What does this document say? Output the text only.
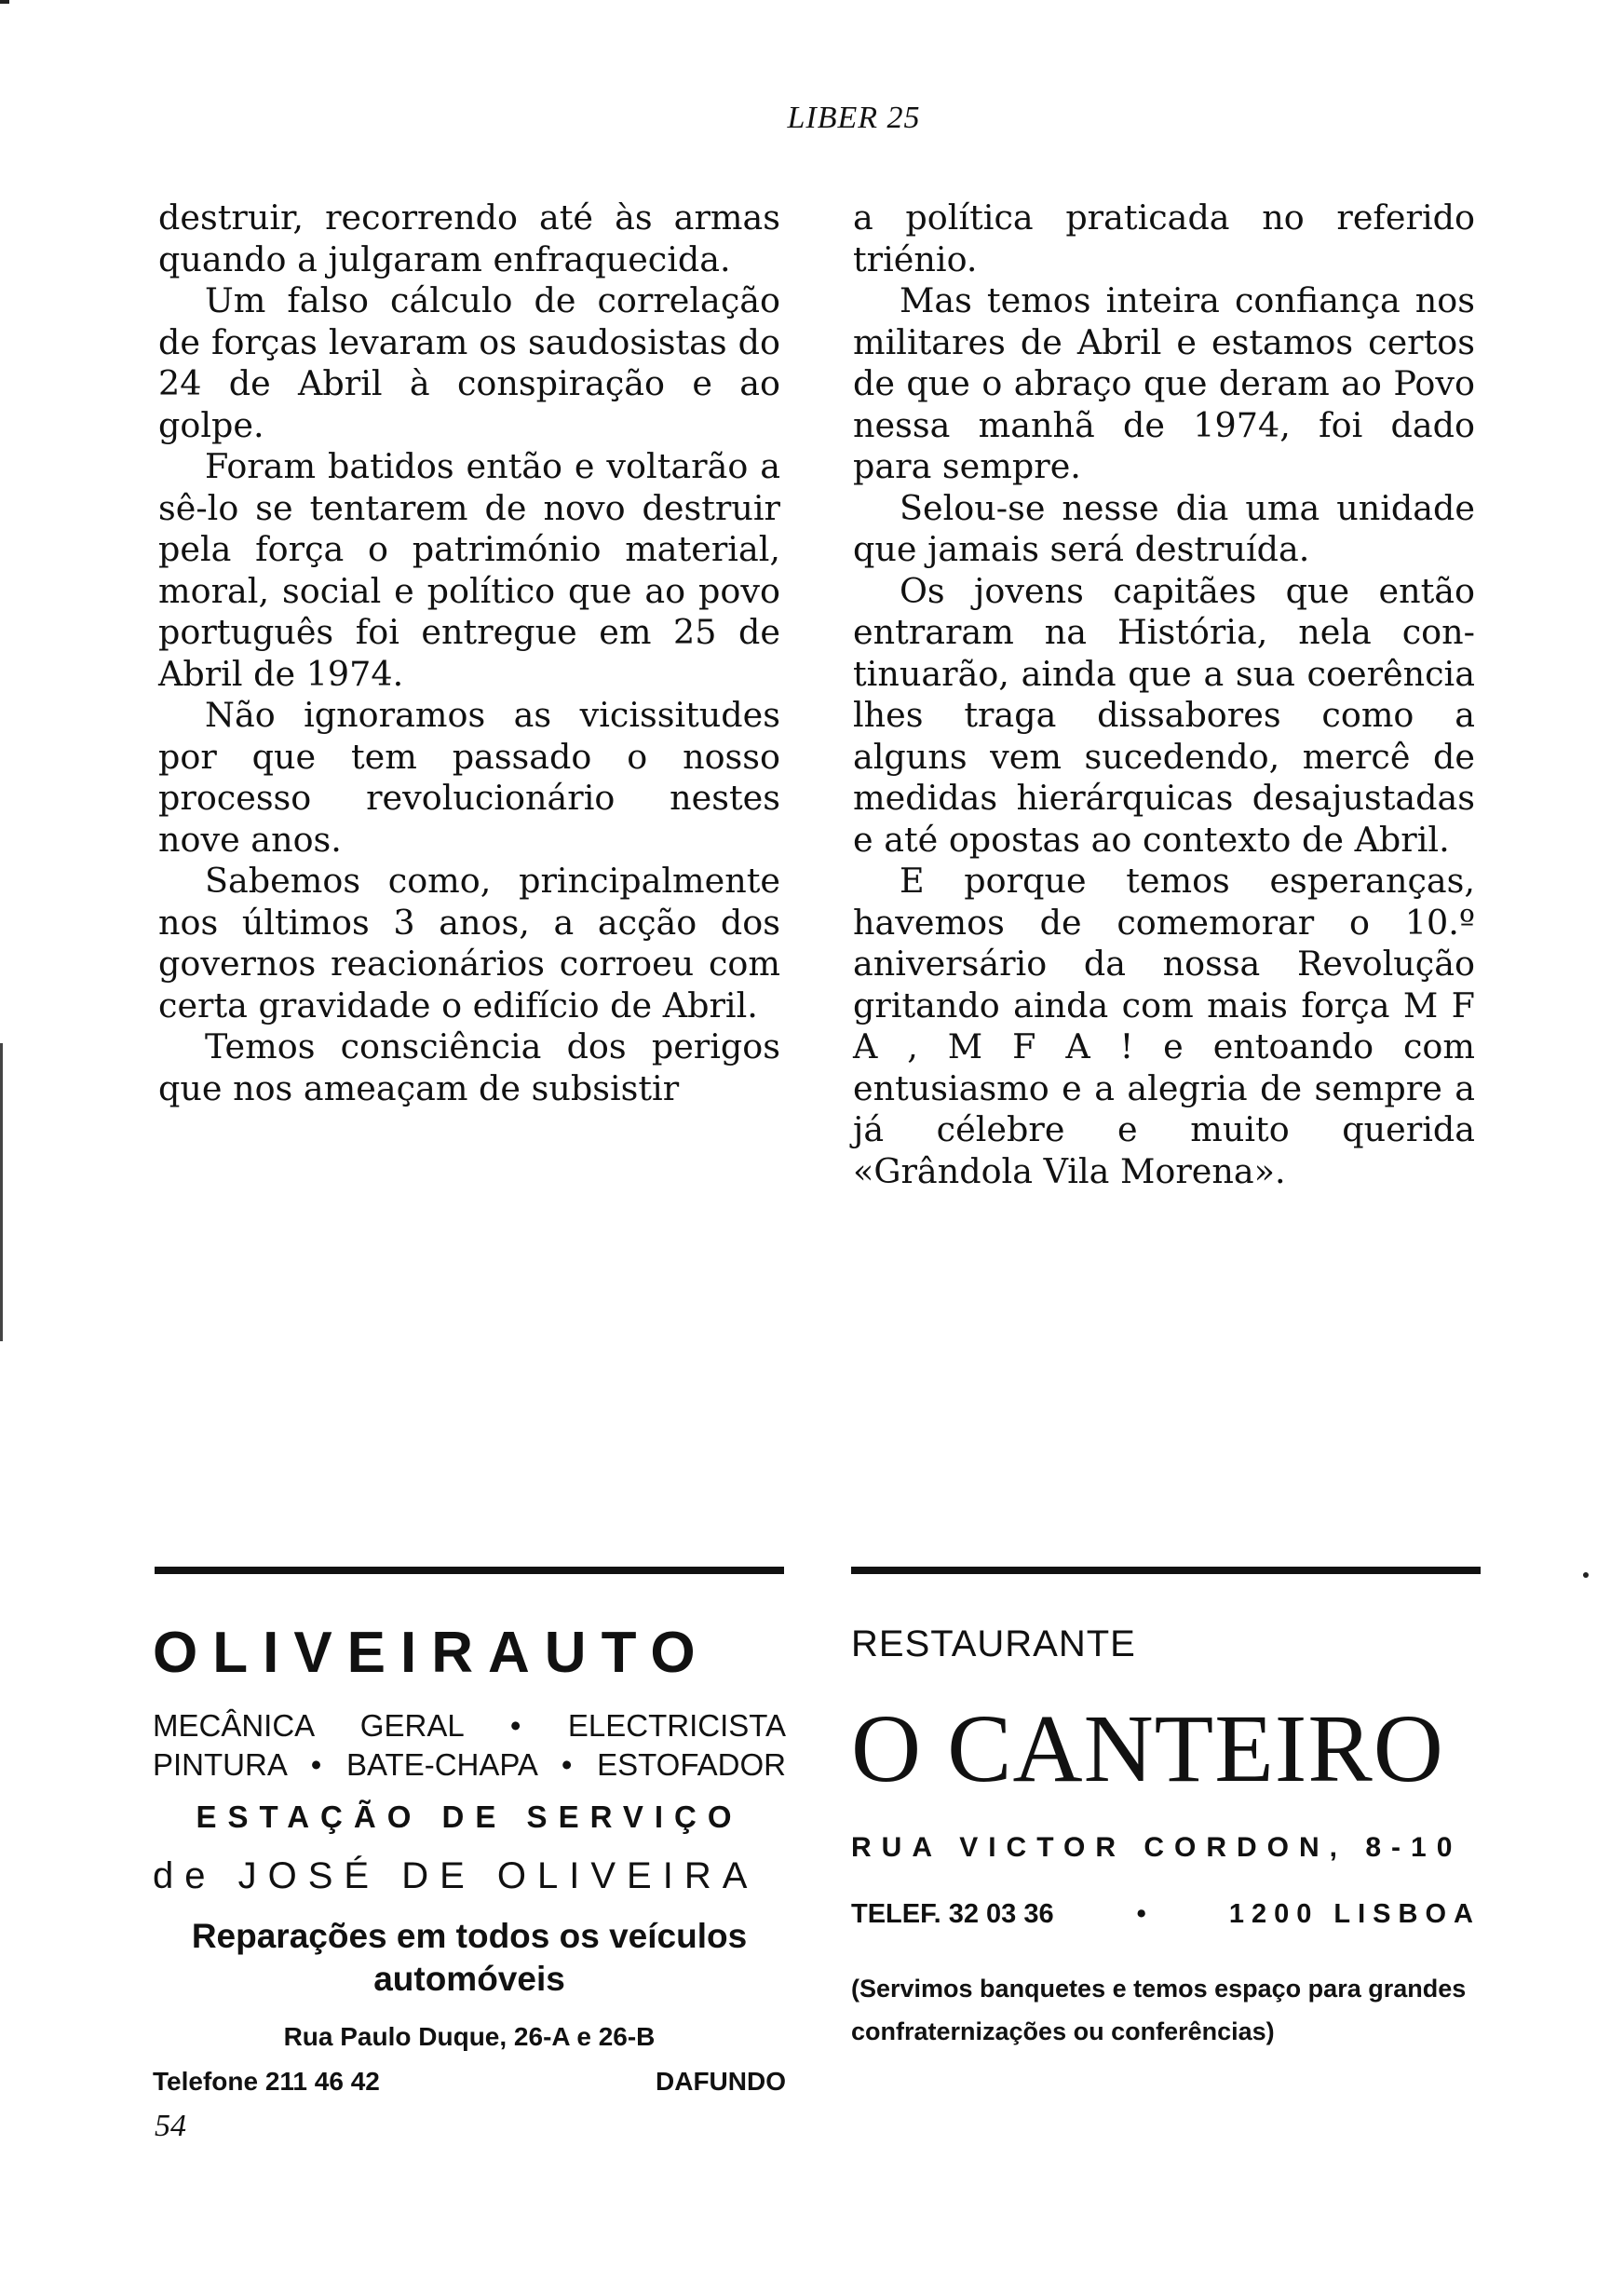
LIBER 25

destruir, recorrendo até às armas quando a julgaram enfraquecida.

Um falso cálculo de correlação de forças levaram os saudosistas do 24 de Abril à conspiração e ao golpe.

Foram batidos então e voltarão a sê-lo se tentarem de novo destruir pela força o património material, moral, social e político que ao povo português foi entregue em 25 de Abril de 1974.

Não ignoramos as vicissitudes por que tem passado o nosso processo revolucionário nestes nove anos.

Sabemos como, principalmente nos últimos 3 anos, a acção dos governos reacionários corroeu com certa gravidade o edifício de Abril.

Temos consciência dos perigos que nos ameaçam de subsistir

a política praticada no referido triénio.

Mas temos inteira confiança nos militares de Abril e estamos certos de que o abraço que deram ao Povo nessa manhã de 1974, foi dado para sempre.

Selou-se nesse dia uma unidade que jamais será destruída.

Os jovens capitães que então entraram na História, nela continuarão, ainda que a sua coerência lhes traga dissabores como a alguns vem sucedendo, mercê de medidas hierárquicas desajustadas e até opostas ao contexto de Abril.

E porque temos esperanças, havemos de comemorar o 10.º aniversário da nossa Revolução gritando ainda com mais força M F A , M F A ! e entoando com entusiasmo e a alegria de sempre a já célebre e muito querida «Grândola Vila Morena».

OLIVEIRAUTO
MECÂNICA GERAL • ELECTRICISTA
PINTURA • BATE-CHAPA • ESTOFADOR
ESTAÇÃO DE SERVIÇO
de JOSÉ DE OLIVEIRA
Reparações em todos os veículos automóveis
Rua Paulo Duque, 26-A e 26-B
Telefone 211 46 42	DAFUNDO
RESTAURANTE
O CANTEIRO
RUA VICTOR CORDON, 8-10
TELEF. 32 03 36	•	1200 LISBOA
(Servimos banquetes e temos espaço para grandes confraternizações ou conferências)
54
